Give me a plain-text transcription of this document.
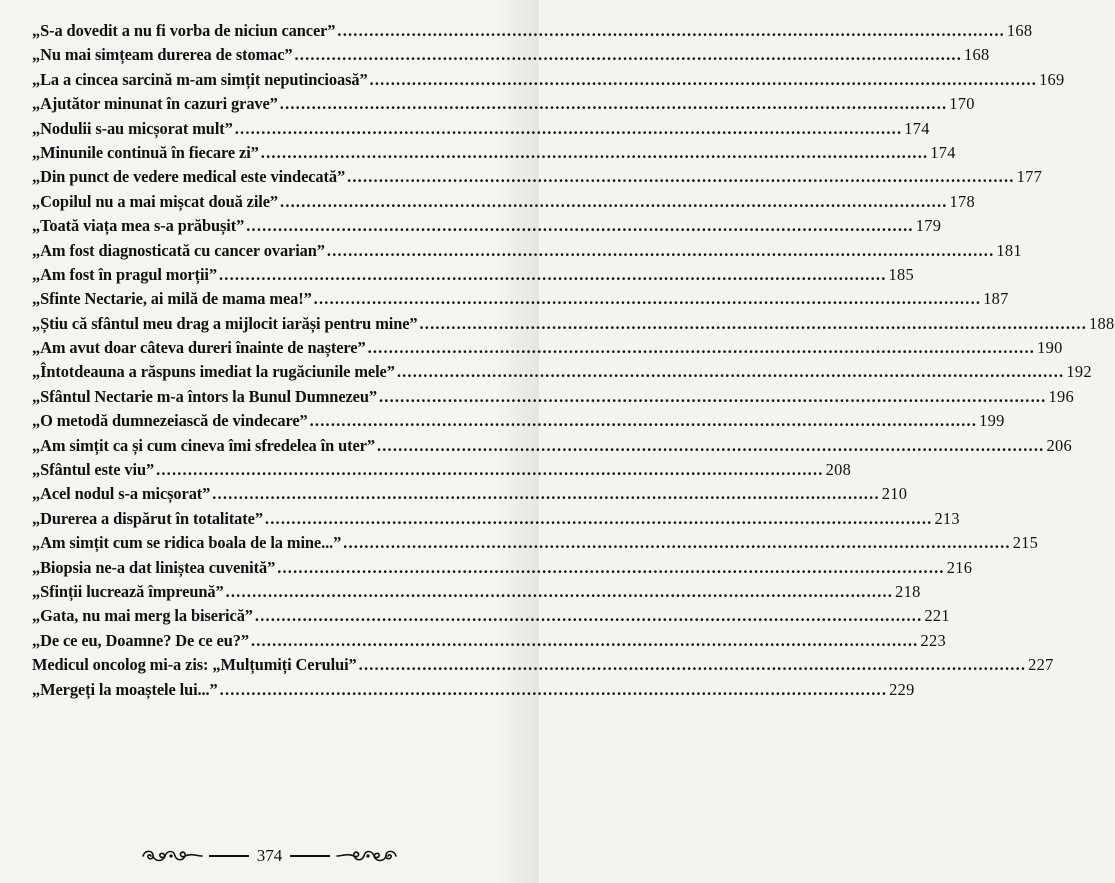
„S-a dovedit a nu fi vorba de niciun cancer” .....	168
„Nu mai simțeam durerea de stomac” .....	168
„La a cincea sarcină m-am simțit neputincioasă” .....	169
„Ajutător minunat în cazuri grave” .....	170
„Nodulii s-au micșorat mult” .....	174
„Minunile continuă în fiecare zi” .....	174
„Din punct de vedere medical este vindecată” .....	177
„Copilul nu a mai mișcat două zile” .....	178
„Toată viața mea s-a prăbușit” .....	179
„Am fost diagnosticată cu cancer ovarian” .....	181
„Am fost în pragul morții” .....	185
„Sfinte Nectarie, ai milă de mama mea!” .....	187
„Știu că sfântul meu drag a mijlocit iarăși pentru mine” .....	188
„Am avut doar câteva dureri înainte de naștere” .....	190
„Întotdeauna a răspuns imediat la rugăciunile mele” .....	192
„Sfântul Nectarie m-a întors la Bunul Dumnezeu” .....	196
„O metodă dumnezeiască de vindecare” .....	199
„Am simțit ca și cum cineva îmi sfredelea în uter” .....	206
„Sfântul este viu” .....	208
„Acel nodul s-a micșorat” .....	210
„Durerea a dispărut în totalitate” .....	213
„Am simțit cum se ridica boala de la mine...” .....	215
„Biopsia ne-a dat liniștea cuvenită” .....	216
„Sfinții lucrează împreună” .....	218
„Gata, nu mai merg la biserică” .....	221
„De ce eu, Doamne? De ce eu?” .....	223
Medicul oncolog mi-a zis: „Mulțumiți Cerului” .....	227
„Mergeți la moaștele lui...” .....	229
374
